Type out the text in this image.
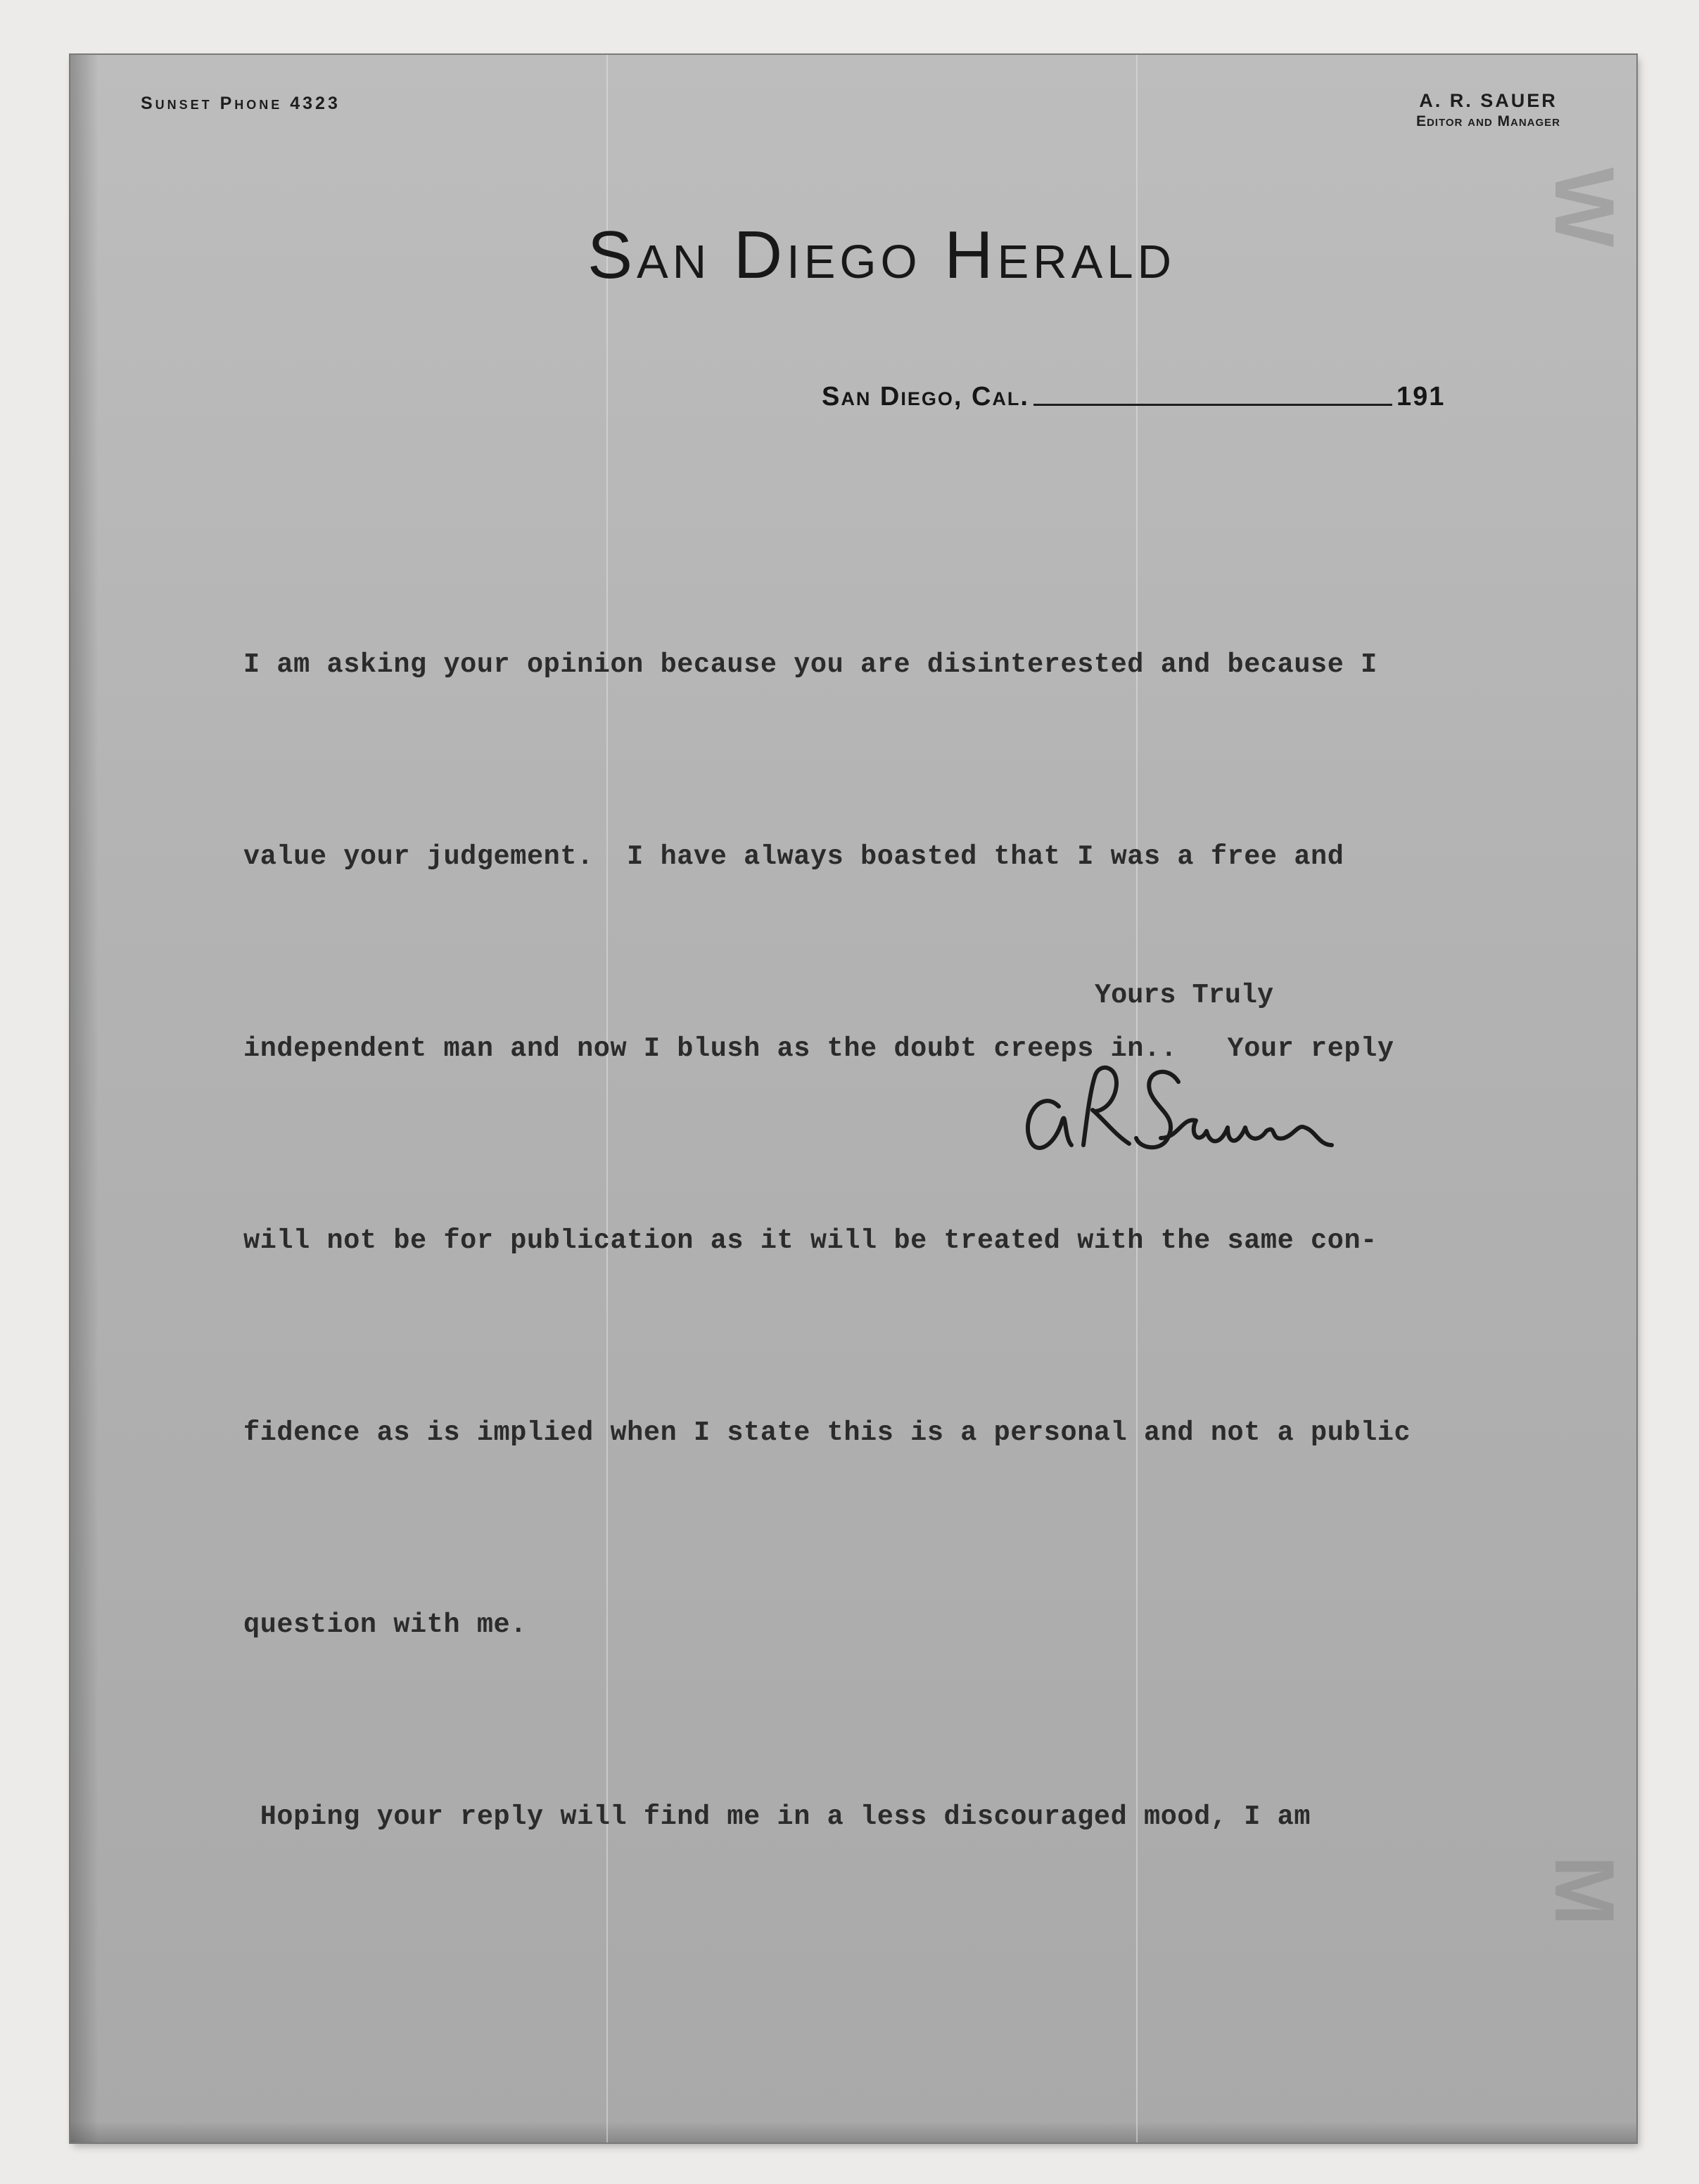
Sunset Phone 4323	A. R. SAUER
Editor and Manager
San Diego Herald
San Diego, Cal.	191

I am asking your opinion because you are disinterested and because I

value your judgement.  I have always boasted that I was a free and

independent man and now I blush as the doubt creeps in..   Your reply

will not be for publication as it will be treated with the same con-

fidence as is implied when I state this is a personal and not a public

question with me.

Hoping your reply will find me in a less discouraged mood, I am

Yours Truly
W
M
